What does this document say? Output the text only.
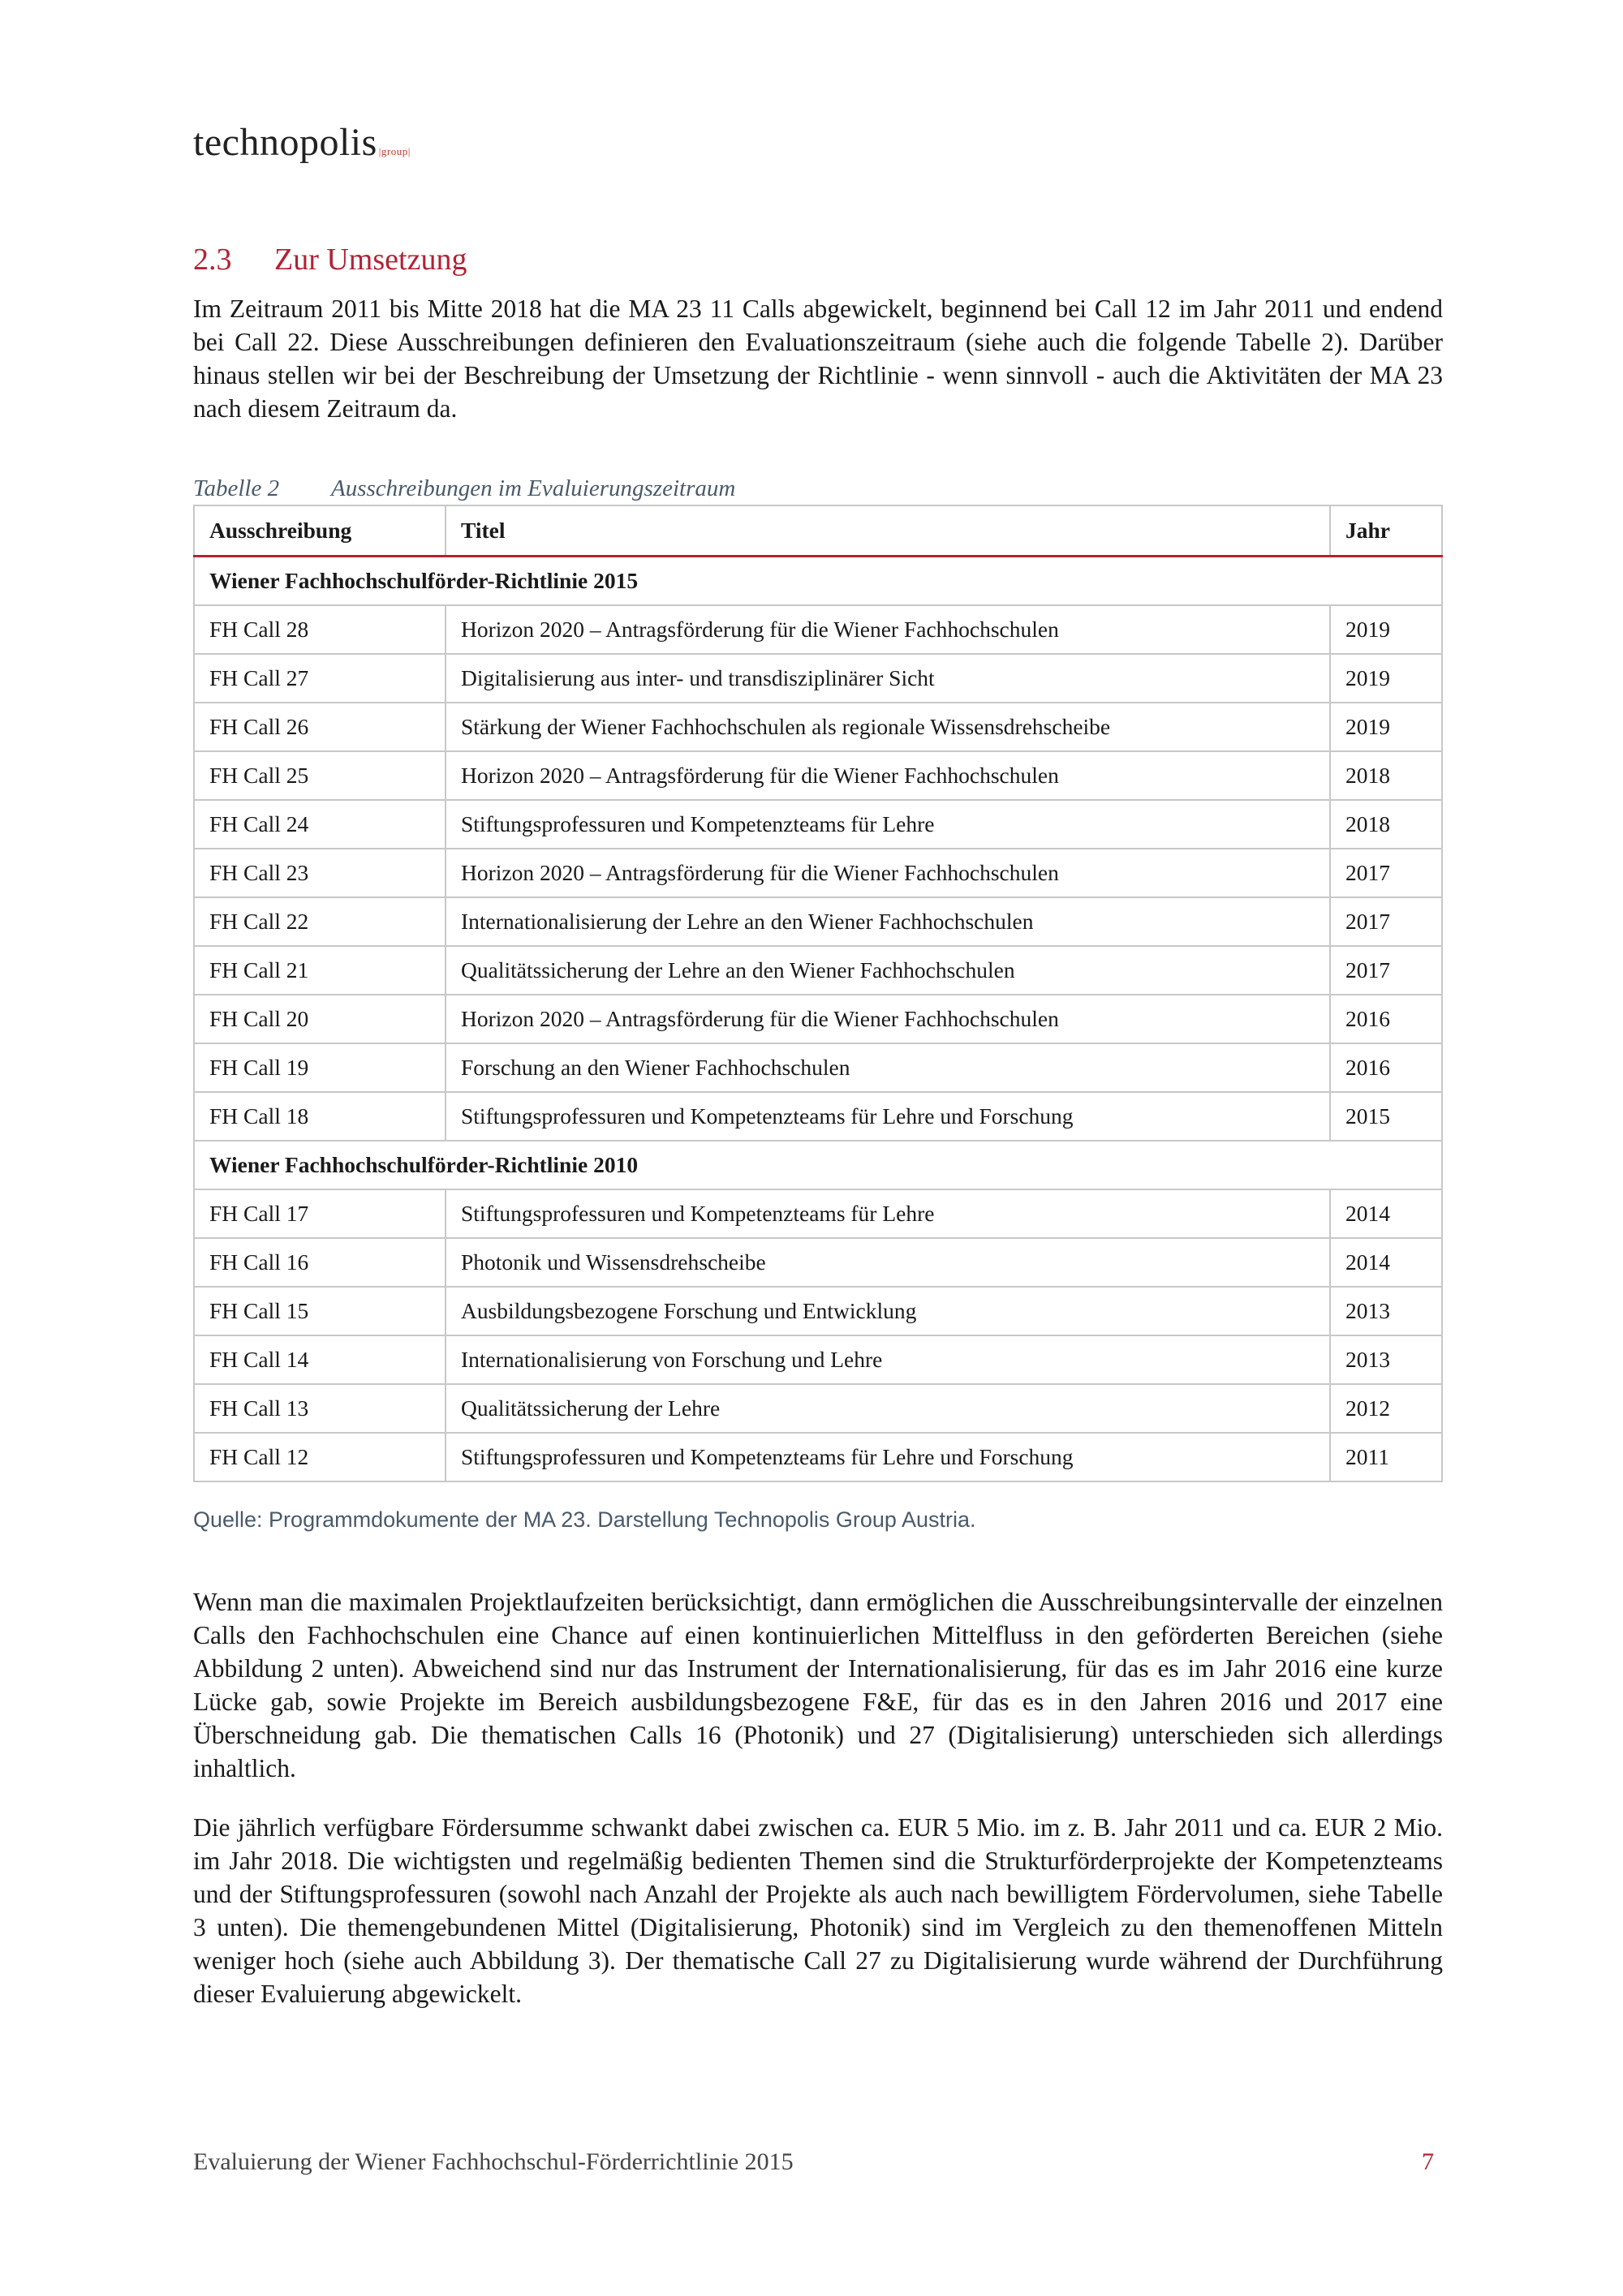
technopolis |group|
2.3 Zur Umsetzung
Im Zeitraum 2011 bis Mitte 2018 hat die MA 23 11 Calls abgewickelt, beginnend bei Call 12 im Jahr 2011 und endend bei Call 22. Diese Ausschreibungen definieren den Evaluationszeitraum (siehe auch die folgende Tabelle 2). Darüber hinaus stellen wir bei der Beschreibung der Umsetzung der Richtlinie - wenn sinnvoll - auch die Aktivitäten der MA 23 nach diesem Zeitraum da.
Tabelle 2 Ausschreibungen im Evaluierungszeitraum
Ausschreibung	Titel	Jahr
Wiener Fachhochschulförder-Richtlinie 2015		
FH Call 28	Horizon 2020 – Antragsförderung für die Wiener Fachhochschulen	2019
FH Call 27	Digitalisierung aus inter- und transdisziplinärer Sicht	2019
FH Call 26	Stärkung der Wiener Fachhochschulen als regionale Wissensdrehscheibe	2019
FH Call 25	Horizon 2020 – Antragsförderung für die Wiener Fachhochschulen	2018
FH Call 24	Stiftungsprofessuren und Kompetenzteams für Lehre	2018
FH Call 23	Horizon 2020 – Antragsförderung für die Wiener Fachhochschulen	2017
FH Call 22	Internationalisierung der Lehre an den Wiener Fachhochschulen	2017
FH Call 21	Qualitätssicherung der Lehre an den Wiener Fachhochschulen	2017
FH Call 20	Horizon 2020 – Antragsförderung für die Wiener Fachhochschulen	2016
FH Call 19	Forschung an den Wiener Fachhochschulen	2016
FH Call 18	Stiftungsprofessuren und Kompetenzteams für Lehre und Forschung	2015
Wiener Fachhochschulförder-Richtlinie 2010		
FH Call 17	Stiftungsprofessuren und Kompetenzteams für Lehre	2014
FH Call 16	Photonik und Wissensdrehscheibe	2014
FH Call 15	Ausbildungsbezogene Forschung und Entwicklung	2013
FH Call 14	Internationalisierung von Forschung und Lehre	2013
FH Call 13	Qualitätssicherung der Lehre	2012
FH Call 12	Stiftungsprofessuren und Kompetenzteams für Lehre und Forschung	2011
Quelle: Programmdokumente der MA 23. Darstellung Technopolis Group Austria.
Wenn man die maximalen Projektlaufzeiten berücksichtigt, dann ermöglichen die Ausschreibungsintervalle der einzelnen Calls den Fachhochschulen eine Chance auf einen kontinuierlichen Mittelfluss in den geförderten Bereichen (siehe Abbildung 2 unten). Abweichend sind nur das Instrument der Internationalisierung, für das es im Jahr 2016 eine kurze Lücke gab, sowie Projekte im Bereich ausbildungsbezogene F&E, für das es in den Jahren 2016 und 2017 eine Überschneidung gab. Die thematischen Calls 16 (Photonik) und 27 (Digitalisierung) unterschieden sich allerdings inhaltlich.
Die jährlich verfügbare Fördersumme schwankt dabei zwischen ca. EUR 5 Mio. im z. B. Jahr 2011 und ca. EUR 2 Mio. im Jahr 2018. Die wichtigsten und regelmäßig bedienten Themen sind die Strukturförderprojekte der Kompetenzteams und der Stiftungsprofessuren (sowohl nach Anzahl der Projekte als auch nach bewilligtem Fördervolumen, siehe Tabelle 3 unten). Die themengebundenen Mittel (Digitalisierung, Photonik) sind im Vergleich zu den themenoffenen Mitteln weniger hoch (siehe auch Abbildung 3). Der thematische Call 27 zu Digitalisierung wurde während der Durchführung dieser Evaluierung abgewickelt.
Evaluierung der Wiener Fachhochschul-Förderrichtlinie 2015	7
